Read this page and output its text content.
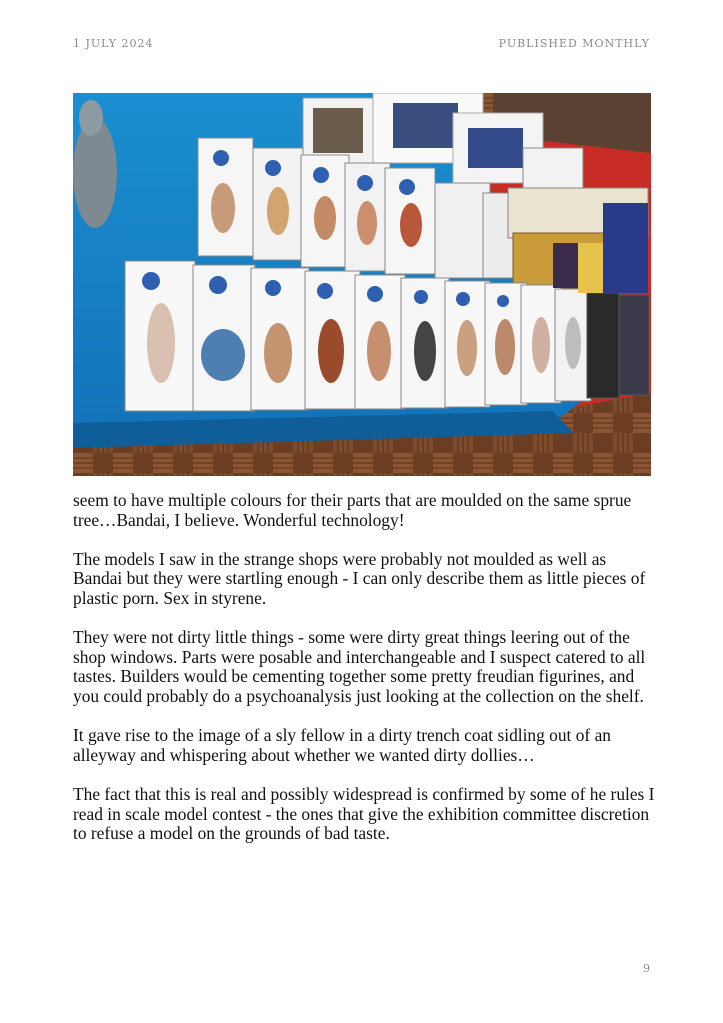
1 JULY 2024	PUBLISHED MONTHLY

seem to have multiple colours for their parts that are moulded on the same sprue tree…Bandai, I believe. Wonderful technology!

The models I saw in the strange shops were probably not moulded as well as Bandai but they were startling enough - I can only describe them as little pieces of plastic porn. Sex in styrene.

They were not dirty little things - some were dirty great things leering out of the shop windows. Parts were posable and interchangeable and I suspect catered to all tastes. Builders would be cementing together some pretty freudian figurines, and you could probably do a psychoanalysis just looking at the collection on the shelf.

It gave rise to the image of a sly fellow in a dirty trench coat sidling out of an alleyway and whispering about whether we wanted dirty dollies…

The fact that this is real and possibly widespread is confirmed by some of he rules I read in scale model contest - the ones that give the exhibition committee discretion to refuse a model on the grounds of bad taste.

9
